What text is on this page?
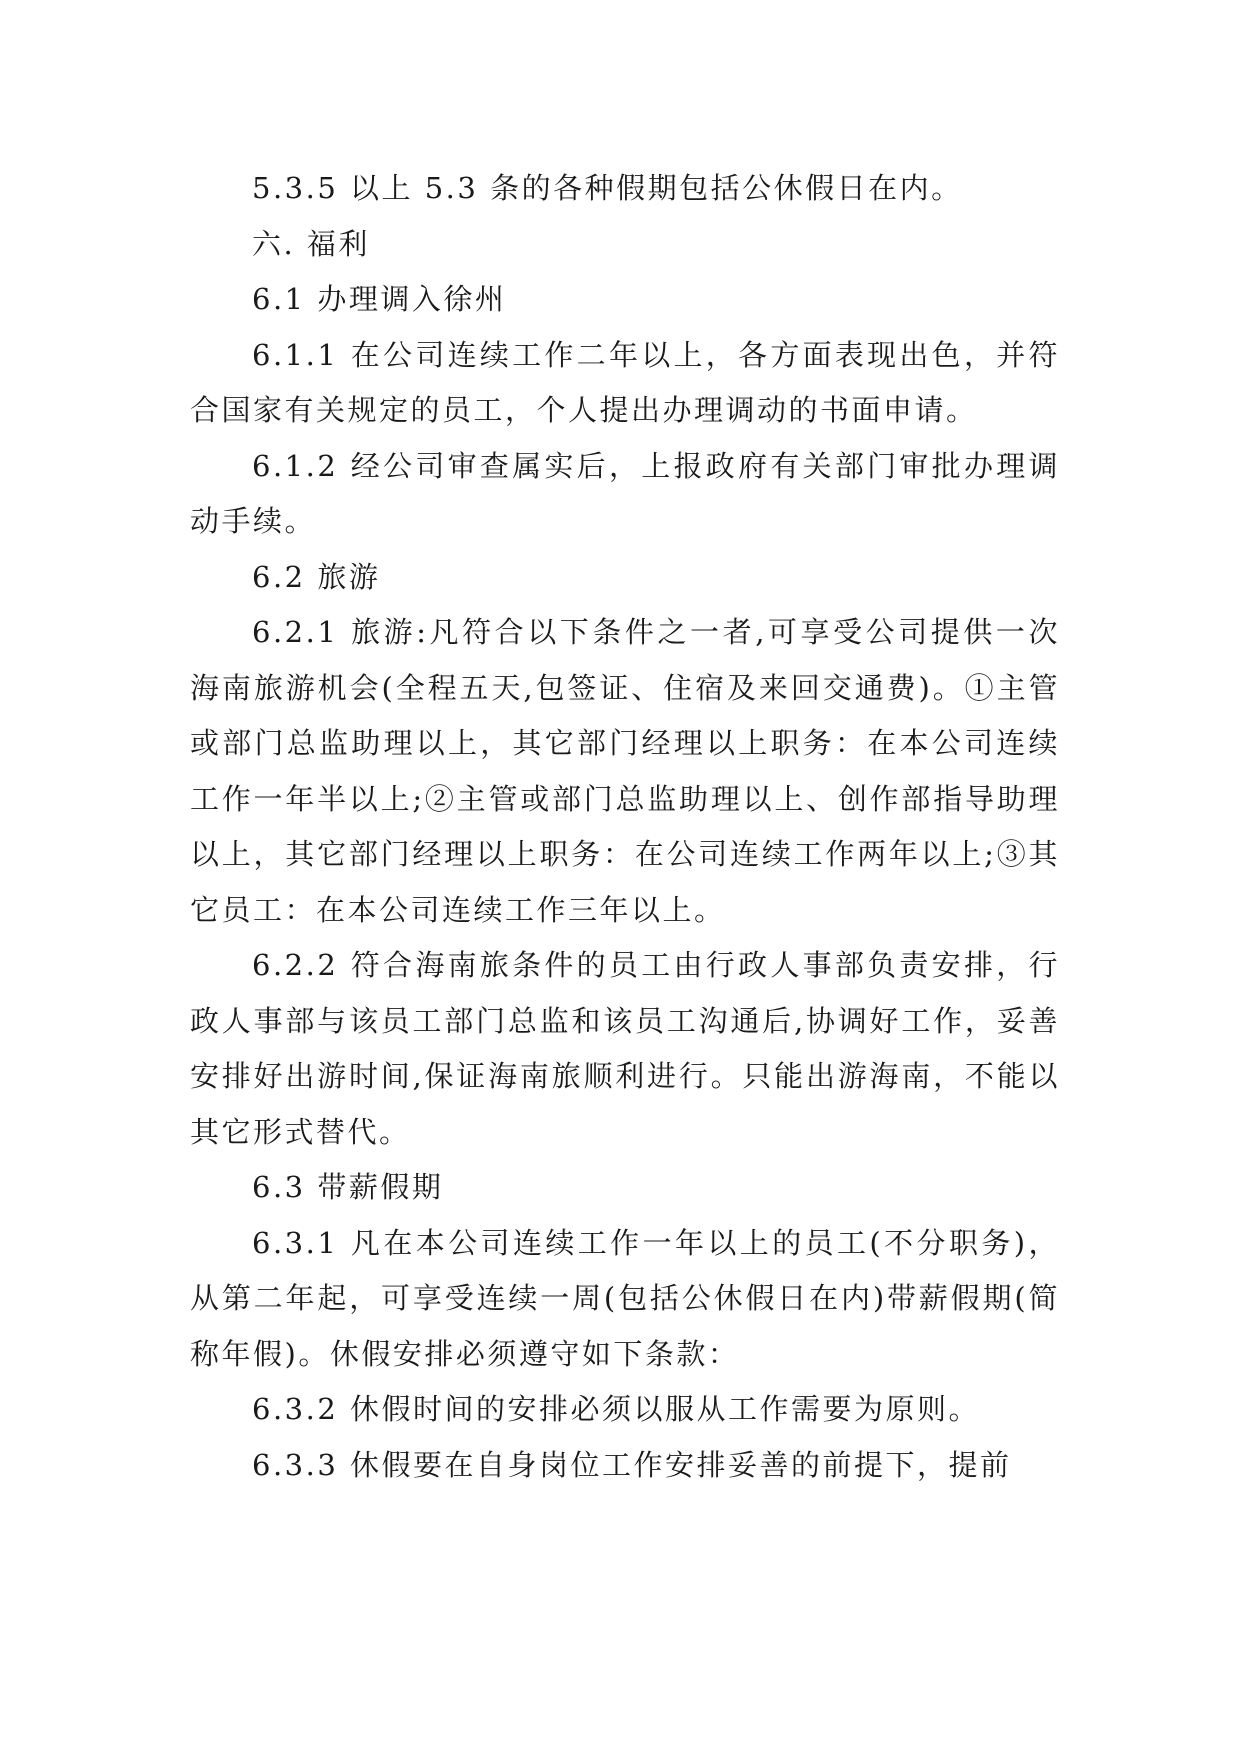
5.3.5 以上 5.3 条的各种假期包括公休假日在内。

六. 福利

6.1 办理调入徐州

6.1.1 在公司连续工作二年以上，各方面表现出色，并符合国家有关规定的员工，个人提出办理调动的书面申请。

6.1.2 经公司审查属实后，上报政府有关部门审批办理调动手续。

6.2 旅游

6.2.1 旅游:凡符合以下条件之一者,可享受公司提供一次海南旅游机会(全程五天,包签证、住宿及来回交通费)。①主管或部门总监助理以上，其它部门经理以上职务：在本公司连续工作一年半以上;②主管或部门总监助理以上、创作部指导助理以上，其它部门经理以上职务：在公司连续工作两年以上;③其它员工：在本公司连续工作三年以上。

6.2.2 符合海南旅条件的员工由行政人事部负责安排，行政人事部与该员工部门总监和该员工沟通后,协调好工作，妥善安排好出游时间,保证海南旅顺利进行。只能出游海南，不能以其它形式替代。

6.3 带薪假期

6.3.1 凡在本公司连续工作一年以上的员工(不分职务)，从第二年起，可享受连续一周(包括公休假日在内)带薪假期(简称年假)。休假安排必须遵守如下条款：

6.3.2 休假时间的安排必须以服从工作需要为原则。

6.3.3 休假要在自身岗位工作安排妥善的前提下，提前
